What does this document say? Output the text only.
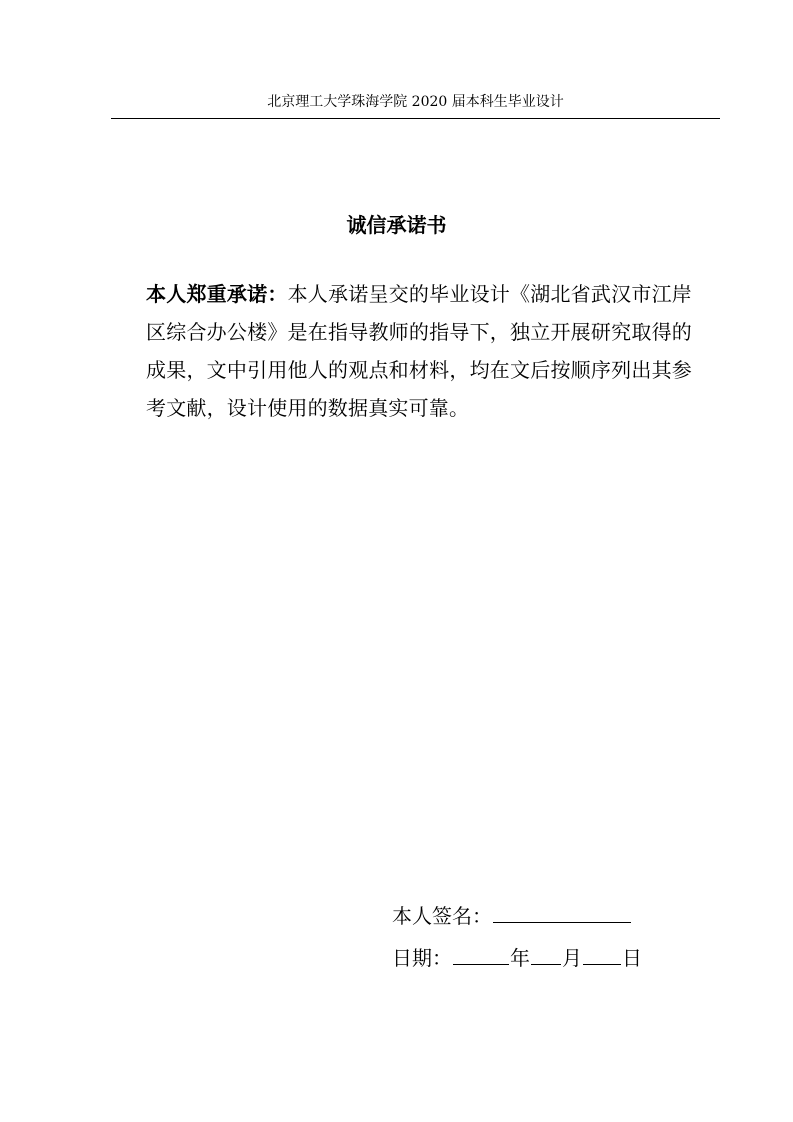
北京理工大学珠海学院 2020 届本科生毕业设计
诚信承诺书
本人郑重承诺：本人承诺呈交的毕业设计《湖北省武汉市江岸区综合办公楼》是在指导教师的指导下，独立开展研究取得的成果，文中引用他人的观点和材料，均在文后按顺序列出其参考文献，设计使用的数据真实可靠。
本人签名：
日期：	年 月 日
